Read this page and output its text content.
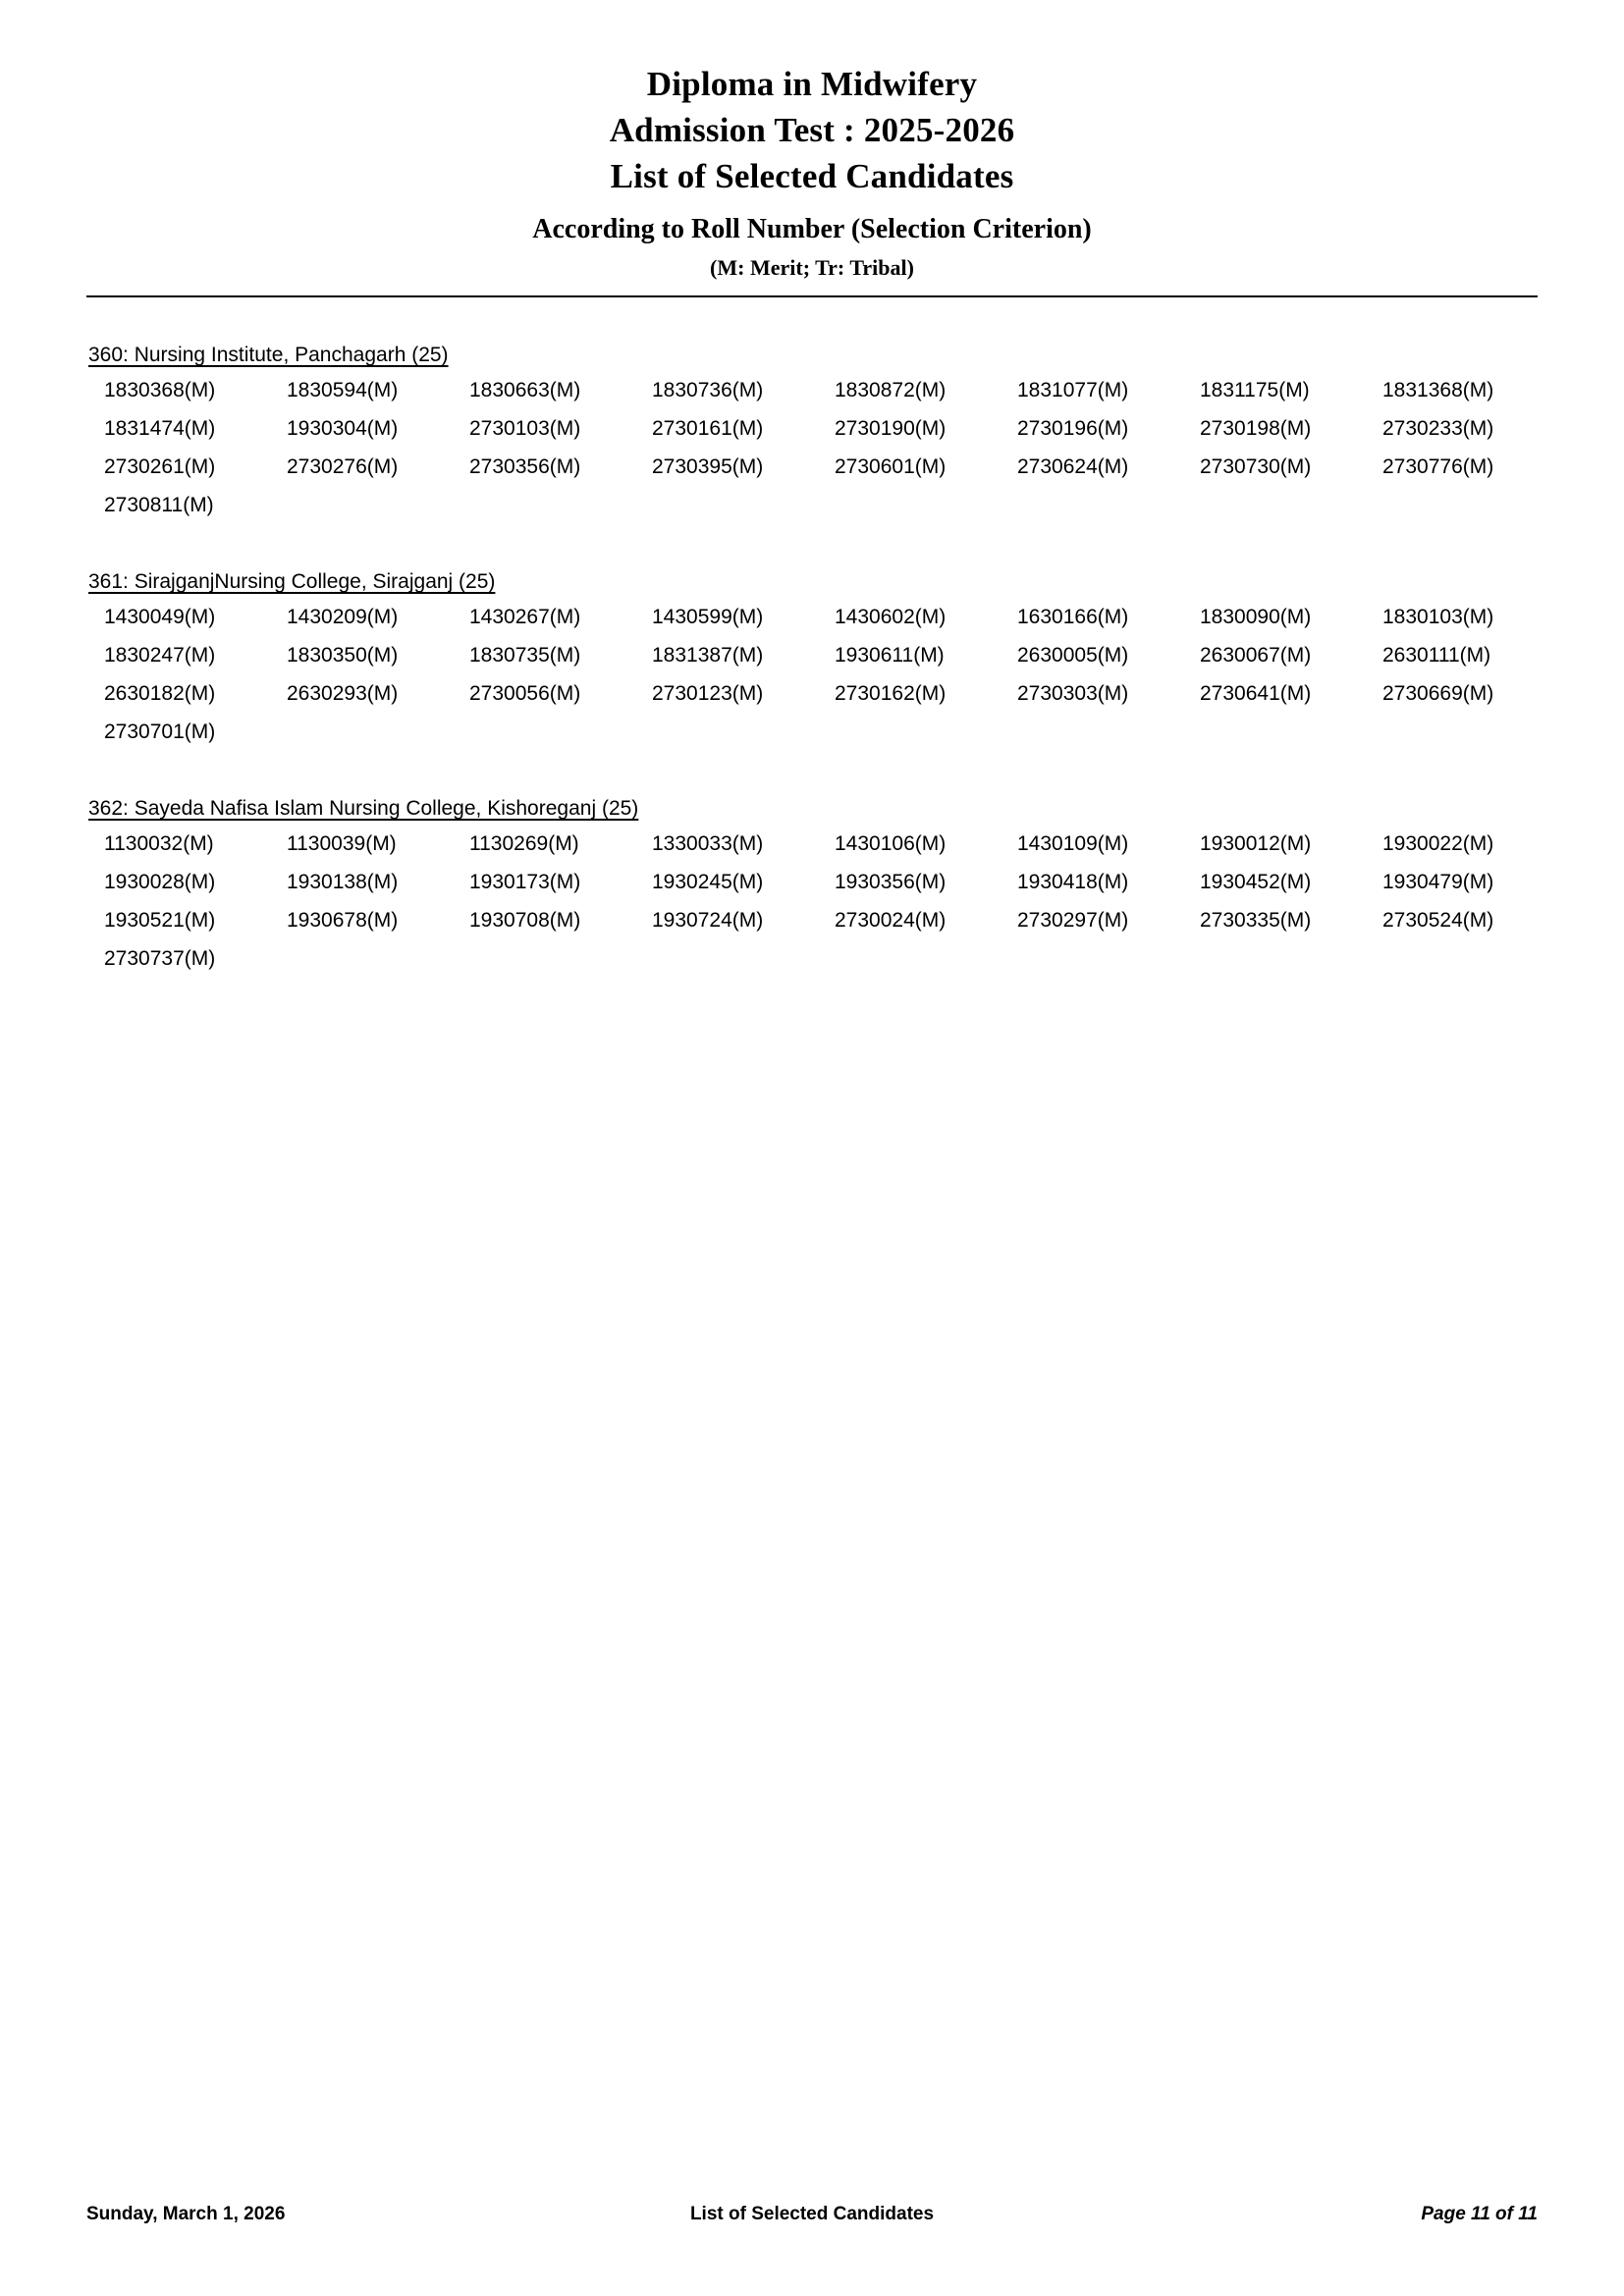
Diploma in Midwifery
Admission Test : 2025-2026
List of Selected Candidates
According to Roll Number (Selection Criterion)
(M: Merit; Tr: Tribal)
360: Nursing Institute, Panchagarh (25)
1830368(M)	1830594(M)	1830663(M)	1830736(M)	1830872(M)	1831077(M)	1831175(M)	1831368(M)
1831474(M)	1930304(M)	2730103(M)	2730161(M)	2730190(M)	2730196(M)	2730198(M)	2730233(M)
2730261(M)	2730276(M)	2730356(M)	2730395(M)	2730601(M)	2730624(M)	2730730(M)	2730776(M)
2730811(M)
361: SirajganjNursing College, Sirajganj (25)
1430049(M)	1430209(M)	1430267(M)	1430599(M)	1430602(M)	1630166(M)	1830090(M)	1830103(M)
1830247(M)	1830350(M)	1830735(M)	1831387(M)	1930611(M)	2630005(M)	2630067(M)	2630111(M)
2630182(M)	2630293(M)	2730056(M)	2730123(M)	2730162(M)	2730303(M)	2730641(M)	2730669(M)
2730701(M)
362: Sayeda Nafisa Islam Nursing College, Kishoreganj (25)
1130032(M)	1130039(M)	1130269(M)	1330033(M)	1430106(M)	1430109(M)	1930012(M)	1930022(M)
1930028(M)	1930138(M)	1930173(M)	1930245(M)	1930356(M)	1930418(M)	1930452(M)	1930479(M)
1930521(M)	1930678(M)	1930708(M)	1930724(M)	2730024(M)	2730297(M)	2730335(M)	2730524(M)
2730737(M)
Sunday, March 1, 2026	List of Selected Candidates	Page 11 of 11
